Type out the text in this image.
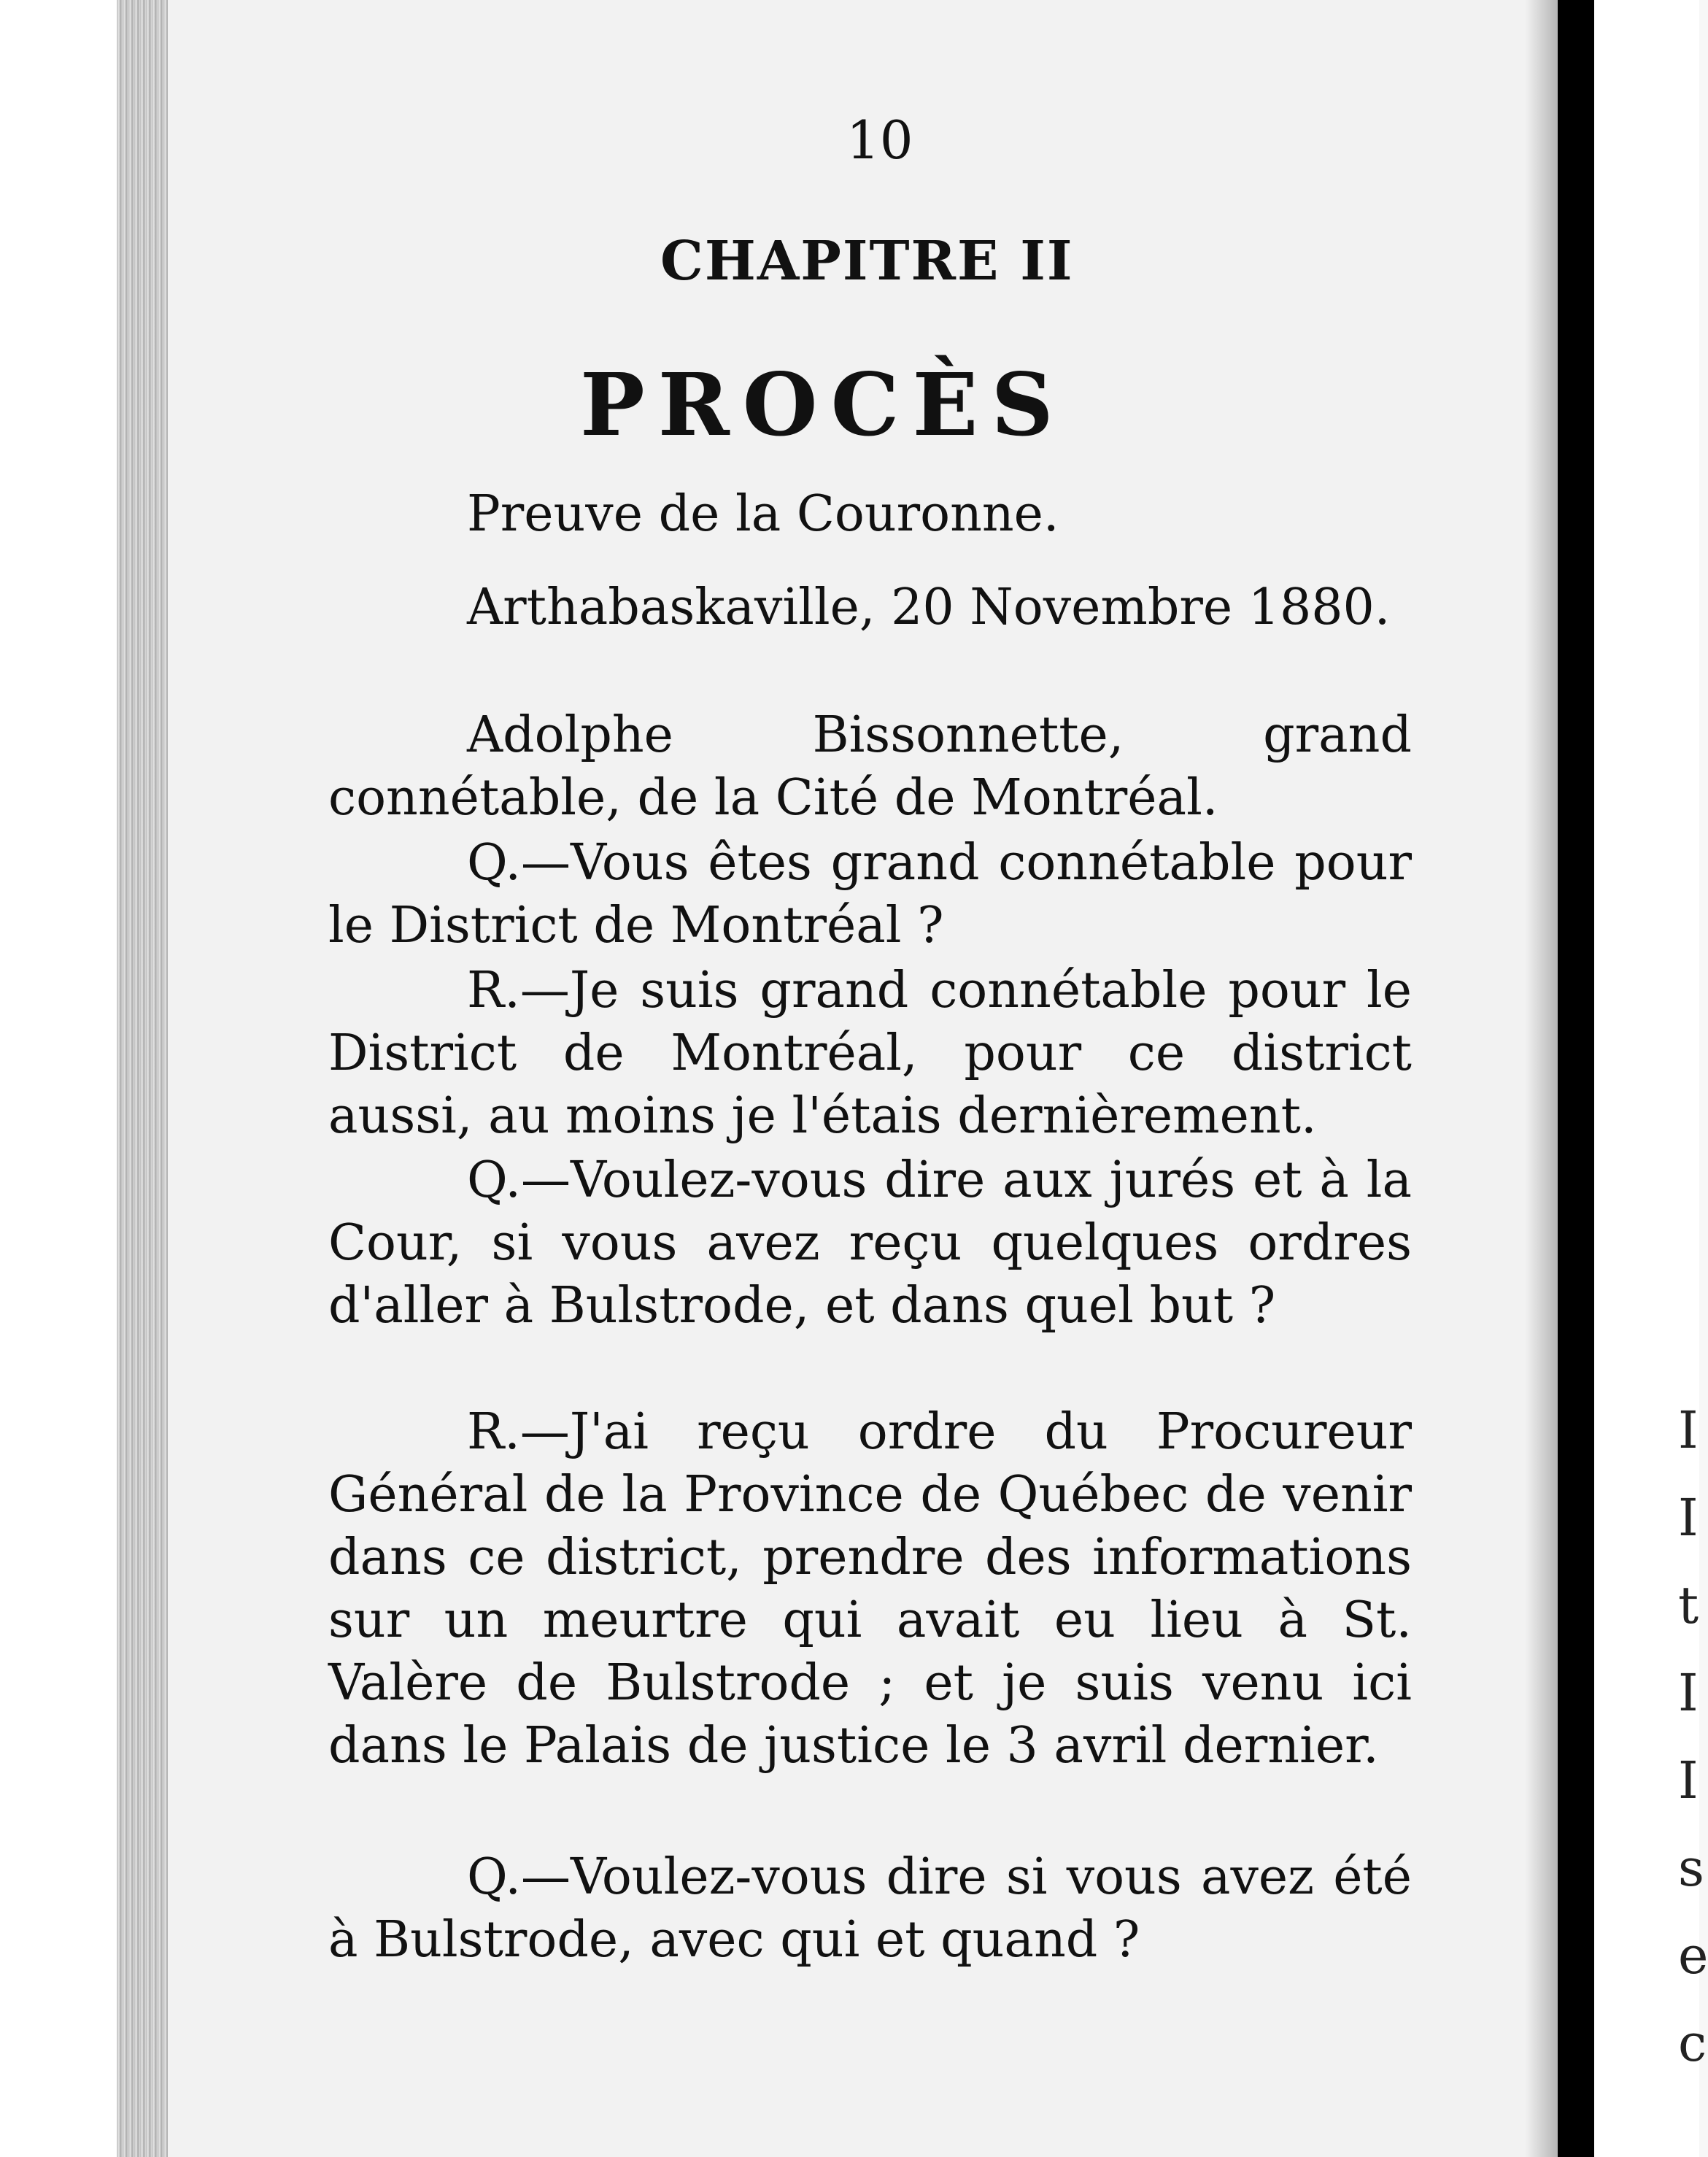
I
I
t
I
I
s
e
c
10
CHAPITRE II
PROCÈS
Preuve de la Couronne.
Arthabaskaville, 20 Novembre 1880.
Adolphe Bissonnette, grand connétable, de la Cité de Montréal.
Q.—Vous êtes grand connétable pour le District de Montréal ?
R.—Je suis grand connétable pour le District de Montréal, pour ce district aussi, au moins je l'étais dernièrement.
Q.—Voulez-vous dire aux jurés et à la Cour, si vous avez reçu quelques ordres d'aller à Bulstrode, et dans quel but ?
R.—J'ai reçu ordre du Procureur Général de la Province de Québec de venir dans ce district, prendre des informations sur un meurtre qui avait eu lieu à St. Valère de Bulstrode ; et je suis venu ici dans le Palais de justice le 3 avril dernier.
Q.—Voulez-vous dire si vous avez été à Bulstrode, avec qui et quand ?
